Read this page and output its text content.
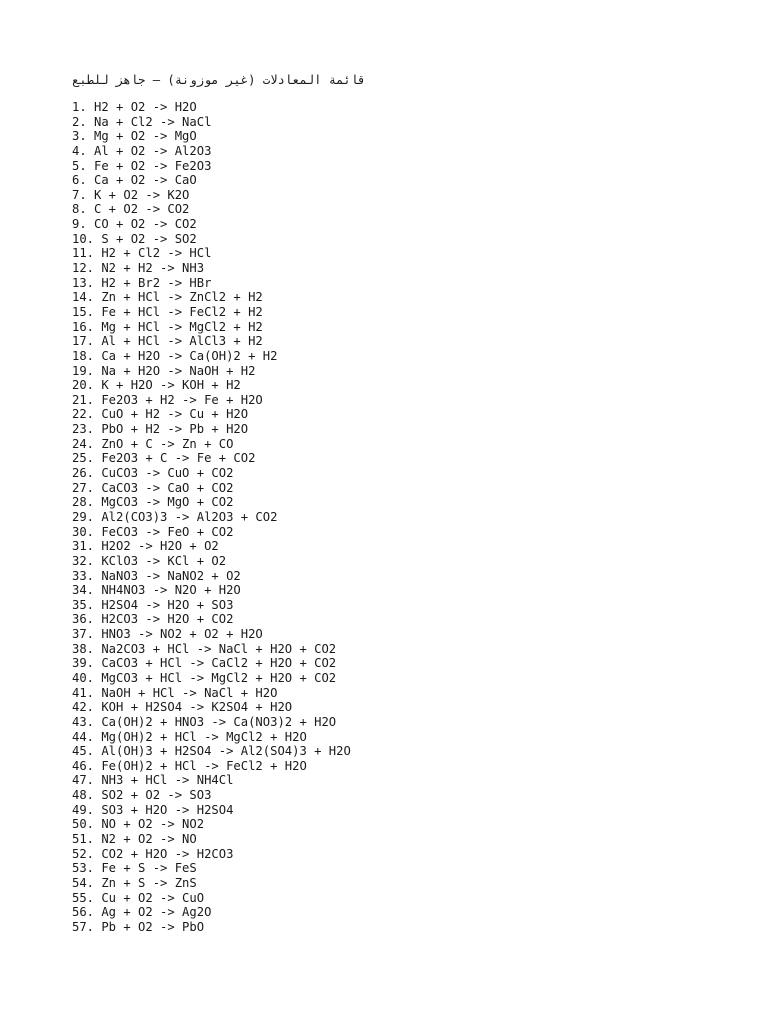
قائمة المعادلات (غير موزونة) — جاهز للطبع
1. H2 + O2 -> H2O
2. Na + Cl2 -> NaCl
3. Mg + O2 -> MgO
4. Al + O2 -> Al2O3
5. Fe + O2 -> Fe2O3
6. Ca + O2 -> CaO
7. K + O2 -> K2O
8. C + O2 -> CO2
9. CO + O2 -> CO2
10. S + O2 -> SO2
11. H2 + Cl2 -> HCl
12. N2 + H2 -> NH3
13. H2 + Br2 -> HBr
14. Zn + HCl -> ZnCl2 + H2
15. Fe + HCl -> FeCl2 + H2
16. Mg + HCl -> MgCl2 + H2
17. Al + HCl -> AlCl3 + H2
18. Ca + H2O -> Ca(OH)2 + H2
19. Na + H2O -> NaOH + H2
20. K + H2O -> KOH + H2
21. Fe2O3 + H2 -> Fe + H2O
22. CuO + H2 -> Cu + H2O
23. PbO + H2 -> Pb + H2O
24. ZnO + C -> Zn + CO
25. Fe2O3 + C -> Fe + CO2
26. CuCO3 -> CuO + CO2
27. CaCO3 -> CaO + CO2
28. MgCO3 -> MgO + CO2
29. Al2(CO3)3 -> Al2O3 + CO2
30. FeCO3 -> FeO + CO2
31. H2O2 -> H2O + O2
32. KClO3 -> KCl + O2
33. NaNO3 -> NaNO2 + O2
34. NH4NO3 -> N2O + H2O
35. H2SO4 -> H2O + SO3
36. H2CO3 -> H2O + CO2
37. HNO3 -> NO2 + O2 + H2O
38. Na2CO3 + HCl -> NaCl + H2O + CO2
39. CaCO3 + HCl -> CaCl2 + H2O + CO2
40. MgCO3 + HCl -> MgCl2 + H2O + CO2
41. NaOH + HCl -> NaCl + H2O
42. KOH + H2SO4 -> K2SO4 + H2O
43. Ca(OH)2 + HNO3 -> Ca(NO3)2 + H2O
44. Mg(OH)2 + HCl -> MgCl2 + H2O
45. Al(OH)3 + H2SO4 -> Al2(SO4)3 + H2O
46. Fe(OH)2 + HCl -> FeCl2 + H2O
47. NH3 + HCl -> NH4Cl
48. SO2 + O2 -> SO3
49. SO3 + H2O -> H2SO4
50. NO + O2 -> NO2
51. N2 + O2 -> NO
52. CO2 + H2O -> H2CO3
53. Fe + S -> FeS
54. Zn + S -> ZnS
55. Cu + O2 -> CuO
56. Ag + O2 -> Ag2O
57. Pb + O2 -> PbO
